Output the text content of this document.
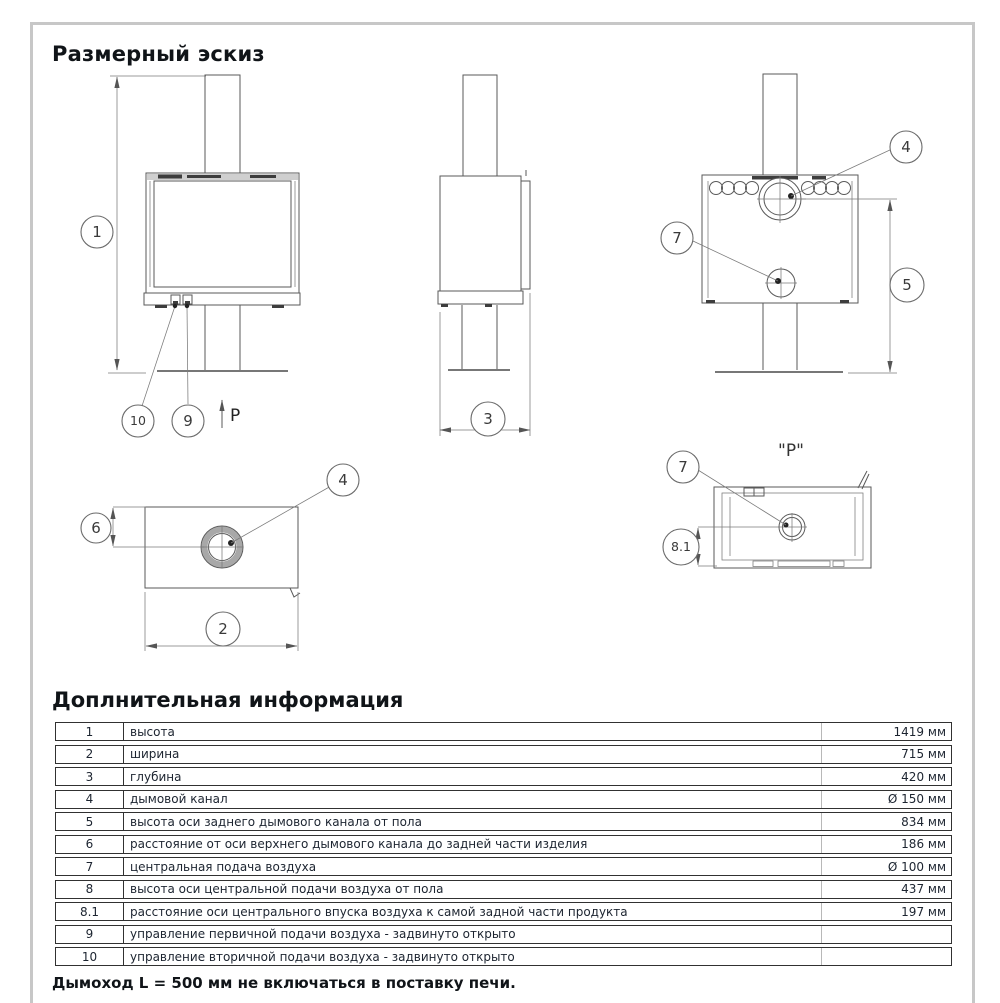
Размерный эскиз
1
10 9 P	3
4
7
5
4
6
2
"P"
7
8.1
Доплнительная информация
1	высота	1419 мм
2	ширина	715 мм
3	глубина	420 мм
4	дымовой канал	Ø 150 мм
5	высота оси заднего дымового канала от пола	834 мм
6	расстояние от оси верхнего дымового канала до задней части изделия	186 мм
7	центральная подача воздуха	Ø 100 мм
8	высота оси центральной подачи воздуха от пола	437 мм
8.1	расстояние оси центрального впуска воздуха к самой задной части продукта	197 мм
9	управление первичной подачи воздуха - задвинуто открыто
10	управление вторичной подачи воздуха - задвинуто открыто
Дымоход L = 500 мм не включаться в поставку печи.
